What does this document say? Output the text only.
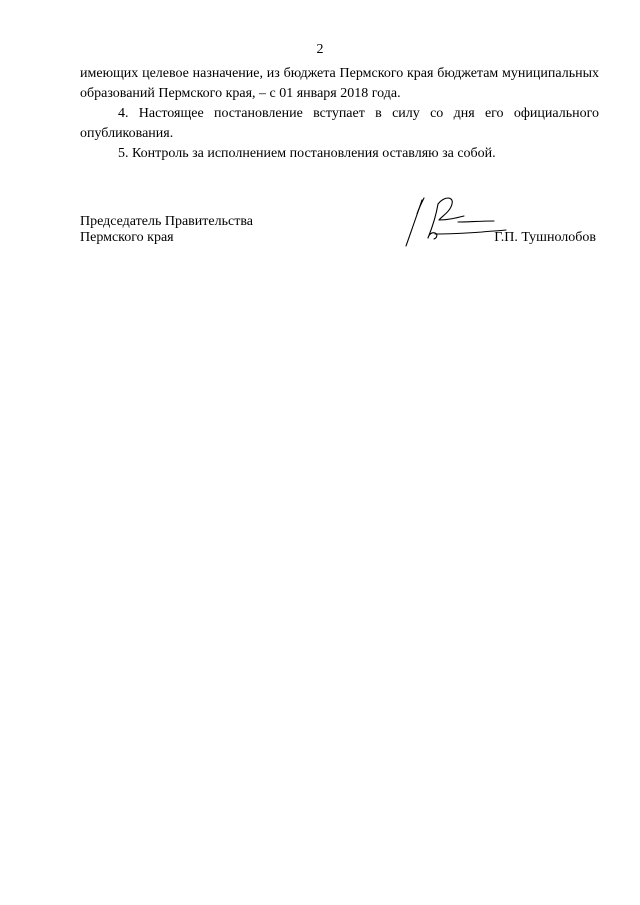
2

имеющих целевое назначение, из бюджета Пермского края бюджетам муниципальных образований Пермского края, – с 01 января 2018 года.

4. Настоящее постановление вступает в силу со дня его официального опубликования.

5. Контроль за исполнением постановления оставляю за собой.

Председатель Правительства
Пермского края	Г.П. Тушнолобов
